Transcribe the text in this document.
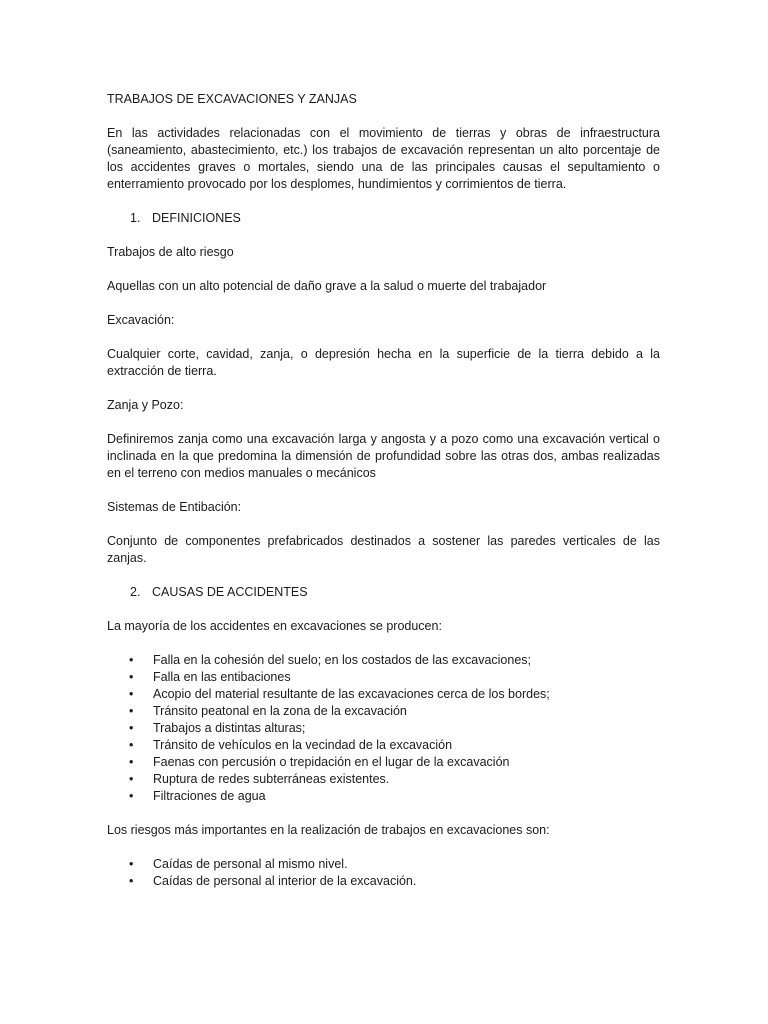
TRABAJOS DE EXCAVACIONES Y ZANJAS

En las actividades relacionadas con el movimiento de tierras y obras de infraestructura (saneamiento, abastecimiento, etc.) los trabajos de excavación representan un alto porcentaje de los accidentes graves o mortales, siendo una de las principales causas el sepultamiento o enterramiento provocado por los desplomes, hundimientos y corrimientos de tierra.

1. DEFINICIONES

Trabajos de alto riesgo

Aquellas con un alto potencial de daño grave a la salud o muerte del trabajador

Excavación:

Cualquier corte, cavidad, zanja, o depresión hecha en la superficie de la tierra debido a la extracción de tierra.

Zanja y Pozo:

Definiremos zanja como una excavación larga y angosta y a pozo como una excavación vertical o inclinada en la que predomina la dimensión de profundidad sobre las otras dos, ambas realizadas en el terreno con medios manuales o mecánicos

Sistemas de Entibación:

Conjunto de componentes prefabricados destinados a sostener las paredes verticales de las zanjas.

2. CAUSAS DE ACCIDENTES

La mayoría de los accidentes en excavaciones se producen:

•	Falla en la cohesión del suelo; en los costados de las excavaciones;
•	Falla en las entibaciones
•	Acopio del material resultante de las excavaciones cerca de los bordes;
•	Tránsito peatonal en la zona de la excavación
•	Trabajos a distintas alturas;
•	Tránsito de vehículos en la vecindad de la excavación
•	Faenas con percusión o trepidación en el lugar de la excavación
•	Ruptura de redes subterráneas existentes.
•	Filtraciones de agua

Los riesgos más importantes en la realización de trabajos en excavaciones son:

•	Caídas de personal al mismo nivel.
•	Caídas de personal al interior de la excavación.
